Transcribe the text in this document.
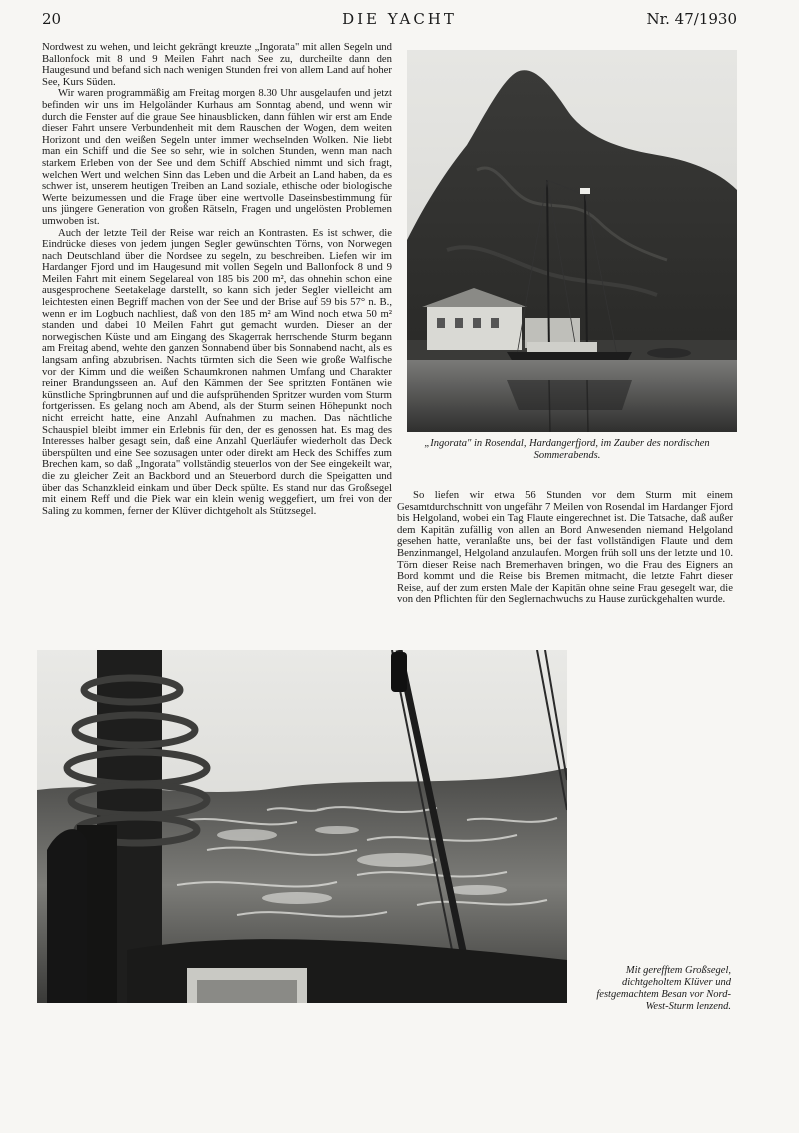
20	DIE YACHT	Nr. 47/1930

Nordwest zu wehen, und leicht gekrängt kreuzte „Ingorata" mit allen Segeln und Ballonfock mit 8 und 9 Meilen Fahrt nach See zu, durcheilte dann den Haugesund und befand sich nach wenigen Stunden frei von allem Land auf hoher See, Kurs Süden.

Wir waren programmäßig am Freitag morgen 8.30 Uhr ausgelaufen und jetzt befinden wir uns im Helgoländer Kurhaus am Sonntag abend, und wenn wir durch die Fenster auf die graue See hinausblicken, dann fühlen wir erst am Ende dieser Fahrt unsere Verbundenheit mit dem Rauschen der Wogen, dem weiten Horizont und den weißen Segeln unter immer wechselnden Wolken. Nie liebt man ein Schiff und die See so sehr, wie in solchen Stunden, wenn man nach starkem Erleben von der See und dem Schiff Abschied nimmt und sich fragt, welchen Wert und welchen Sinn das Leben und die Arbeit an Land haben, da es schwer ist, unserem heutigen Treiben an Land soziale, ethische oder biologische Werte beizumessen und die Frage über eine wertvolle Daseinsbestimmung für uns jüngere Generation von großen Rätseln, Fragen und ungelösten Problemen umwoben ist.

Auch der letzte Teil der Reise war reich an Kontrasten. Es ist schwer, die Eindrücke dieses von jedem jungen Segler gewünschten Törns, von Norwegen nach Deutschland über die Nordsee zu segeln, zu beschreiben. Liefen wir im Hardanger Fjord und im Haugesund mit vollen Segeln und Ballonfock 8 und 9 Meilen Fahrt mit einem Segelareal von 185 bis 200 m², das ohnehin schon eine ausgesprochene Seetakelage darstellt, so kann sich jeder Segler vielleicht am leichtesten einen Begriff machen von der See und der Brise auf 59 bis 57° n. B., wenn er im Logbuch nachliest, daß von den 185 m² am Wind noch etwa 50 m² standen und dabei 10 Meilen Fahrt gut gemacht wurden. Dieser an der norwegischen Küste und am Eingang des Skagerrak herrschende Sturm begann am Freitag abend, wehte den ganzen Sonnabend über bis Sonnabend nacht, als es langsam anfing abzubrisen. Nachts türmten sich die Seen wie große Walfische vor der Kimm und die weißen Schaumkronen nahmen Umfang und Charakter reiner Brandungsseen an. Auf den Kämmen der See spritzten Fontänen wie künstliche Springbrunnen auf und die aufsprühenden Spritzer wurden vom Sturm fortgerissen. Es gelang noch am Abend, als der Sturm seinen Höhepunkt noch nicht erreicht hatte, eine Anzahl Aufnahmen zu machen. Das nächtliche Schauspiel bleibt immer ein Erlebnis für den, der es genossen hat. Es mag des Interesses halber gesagt sein, daß eine Anzahl Querläufer wiederholt das Deck überspülten und eine See sozusagen unter oder direkt am Heck des Schiffes zum Brechen kam, so daß „Ingorata" vollständig steuerlos von der See eingekeilt war, die zu gleicher Zeit an Backbord und an Steuerbord durch die Speigatten und über das Schanzkleid einkam und über Deck spülte. Es stand nur das Großsegel mit einem Reff und die Piek war ein klein wenig weggefiert, um frei von der Saling zu kommen, ferner der Klüver dichtgeholt als Stützsegel.

„Ingorata" in Rosendal, Hardangerfjord, im Zauber des nordischen Sommerabends.

So liefen wir etwa 56 Stunden vor dem Sturm mit einem Gesamtdurchschnitt von ungefähr 7 Meilen von Rosendal im Hardanger Fjord bis Helgoland, wobei ein Tag Flaute eingerechnet ist. Die Tatsache, daß außer dem Kapitän zufällig von allen an Bord Anwesenden niemand Helgoland gesehen hatte, veranlaßte uns, bei der fast vollständigen Flaute und dem Benzinmangel, Helgoland anzulaufen. Morgen früh soll uns der letzte und 10. Törn dieser Reise nach Bremerhaven bringen, wo die Frau des Eigners an Bord kommt und die Reise bis Bremen mitmacht, die letzte Fahrt dieser Reise, auf der zum ersten Male der Kapitän ohne seine Frau gesegelt war, die von den Pflichten für den Seglernachwuchs zu Hause zurückgehalten wurde.

Mit gerefftem Großsegel, dichtgeholtem Klüver und festgemachtem Besan vor Nord-West-Sturm lenzend.
